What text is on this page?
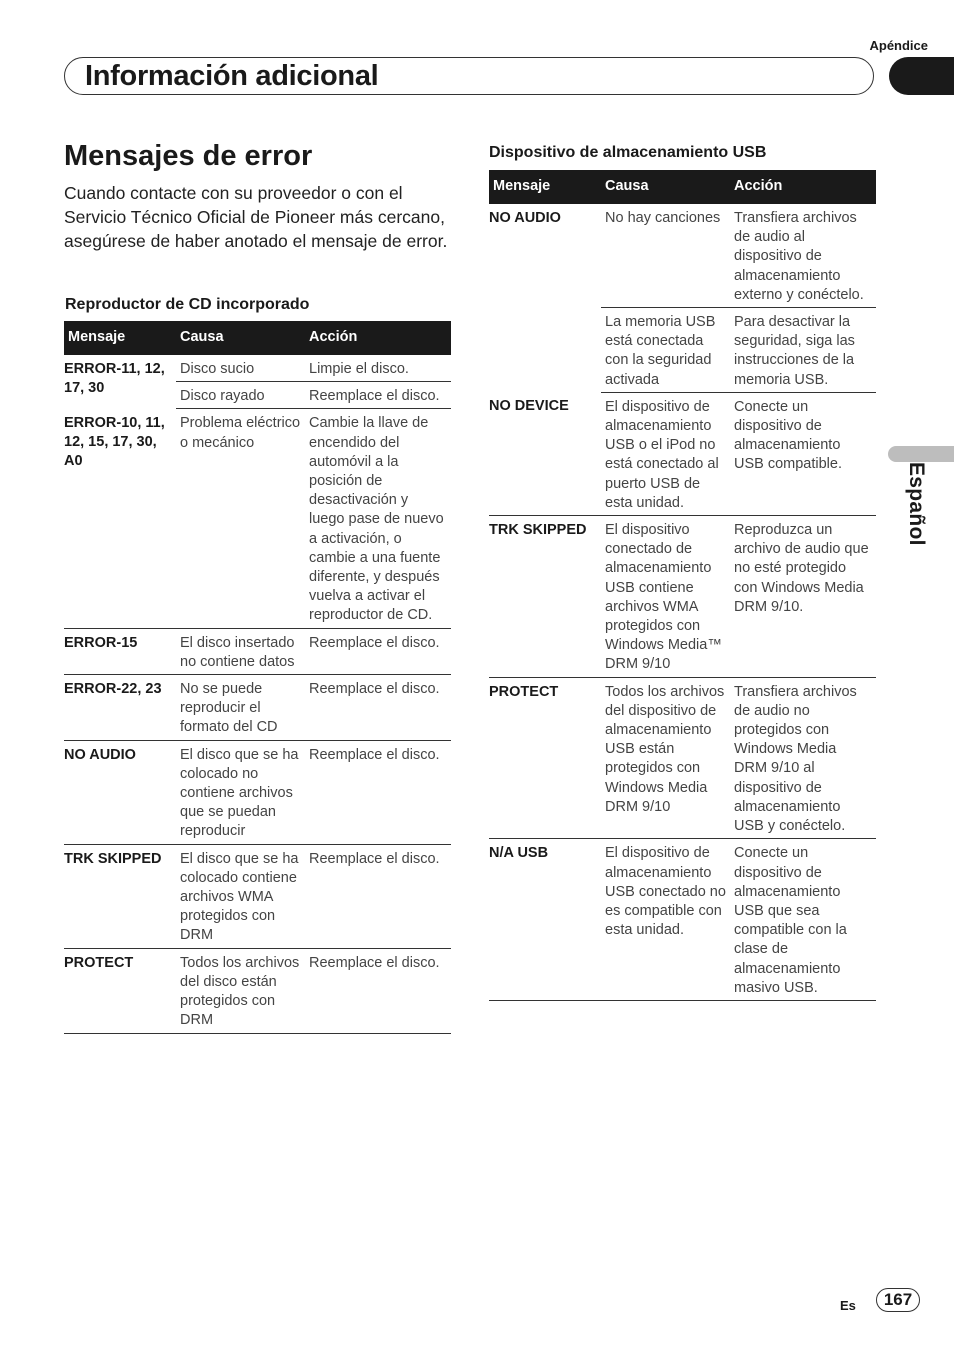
Apéndice
Información adicional
Español
Mensajes de error

Cuando contacte con su proveedor o con el Servicio Técnico Oficial de Pioneer más cercano, asegúrese de haber anotado el mensaje de error.

Reproductor de CD incorporado
Mensaje	Causa	Acción
ERROR-11, 12, 17, 30	Disco sucio	Limpie el disco.
	Disco rayado	Reemplace el disco.
ERROR-10, 11, 12, 15, 17, 30, A0	Problema eléctrico o mecánico	Cambie la llave de encendido del automóvil a la posición de desactivación y luego pase de nuevo a activación, o cambie a una fuente diferente, y después vuelva a activar el reproductor de CD.
ERROR-15	El disco insertado no contiene datos	Reemplace el disco.
ERROR-22, 23	No se puede reproducir el formato del CD	Reemplace el disco.
NO AUDIO	El disco que se ha colocado no contiene archivos que se puedan reproducir	Reemplace el disco.
TRK SKIPPED	El disco que se ha colocado contiene archivos WMA protegidos con DRM	Reemplace el disco.
PROTECT	Todos los archivos del disco están protegidos con DRM	Reemplace el disco.
Dispositivo de almacenamiento USB
Mensaje	Causa	Acción
NO AUDIO	No hay canciones	Transfiera archivos de audio al dispositivo de almacenamiento externo y conéctelo.
	La memoria USB está conectada con la seguridad activada	Para desactivar la seguridad, siga las instrucciones de la memoria USB.
NO DEVICE	El dispositivo de almacenamiento USB o el iPod no está conectado al puerto USB de esta unidad.	Conecte un dispositivo de almacenamiento USB compatible.
TRK SKIPPED	El dispositivo conectado de almacenamiento USB contiene archivos WMA protegidos con Windows Media™ DRM 9/10	Reproduzca un archivo de audio que no esté protegido con Windows Media DRM 9/10.
PROTECT	Todos los archivos del dispositivo de almacenamiento USB están protegidos con Windows Media DRM 9/10	Transfiera archivos de audio no protegidos con Windows Media DRM 9/10 al dispositivo de almacenamiento USB y conéctelo.
N/A USB	El dispositivo de almacenamiento USB conectado no es compatible con esta unidad.	Conecte un dispositivo de almacenamiento USB que sea compatible con la clase de almacenamiento masivo USB.
Es	167
